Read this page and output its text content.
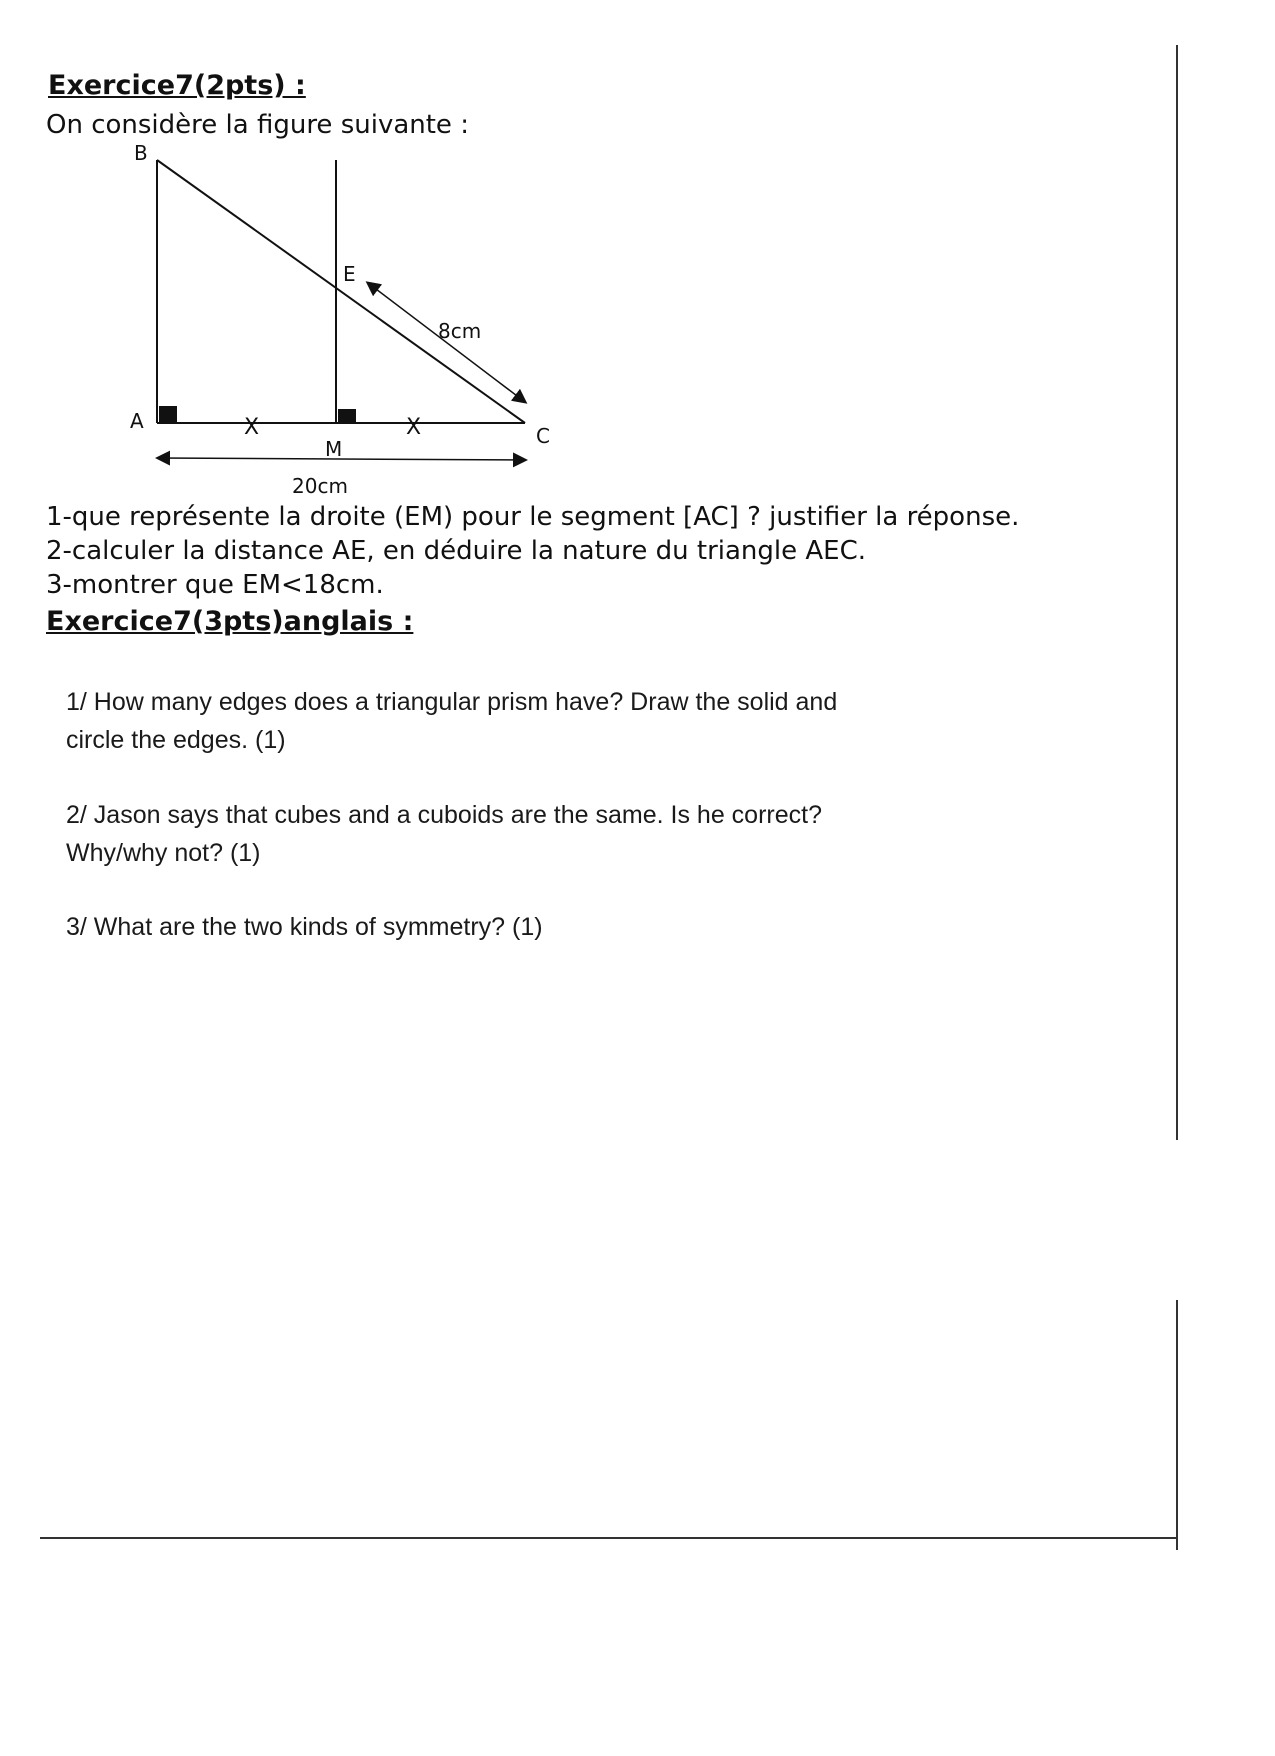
Exercice7(2pts) :
On considère la figure suivante :
B
E
A
M
C
8cm
20cm
X	X
1-que représente la droite (EM) pour le segment [AC] ? justifier la réponse.
2-calculer la distance AE, en déduire la nature du triangle AEC.
3-montrer que EM<18cm.
Exercice7(3pts)anglais :
1/ How many edges does a triangular prism have? Draw the solid and
circle the edges. (1)
2/ Jason says that cubes and a cuboids are the same. Is he correct?
Why/why not? (1)
3/ What are the two kinds of symmetry? (1)
